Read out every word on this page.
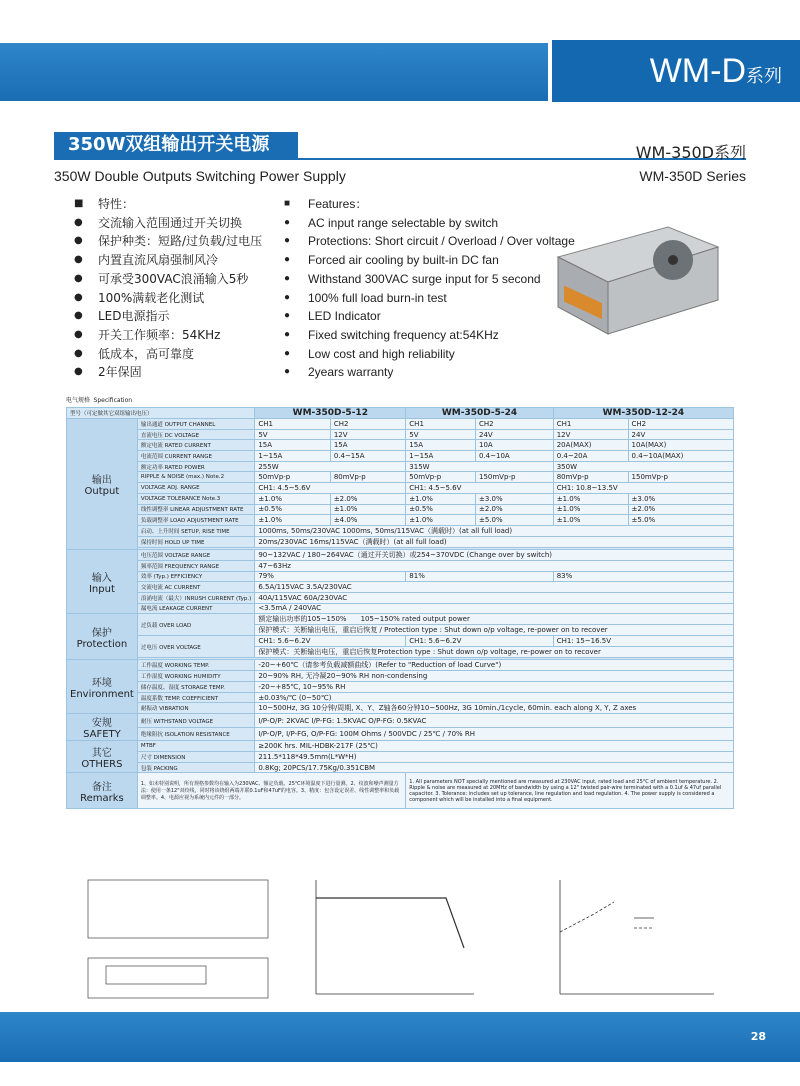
WM-D系列
350W双组输出开关电源	WM-350D系列
350W Double Outputs Switching Power Supply	WM-350D Series
■ 特性：
● 交流输入范围通过开关切换
● 保护种类：短路/过负载/过电压
● 内置直流风扇强制风冷
● 可承受300VAC浪涌输入5秒
● 100%满载老化测试
● LED电源指示
● 开关工作频率：54KHz
● 低成本，高可靠度
● 2年保固
■ Features：
● AC input range selectable by switch
● Protections: Short circuit / Overload / Over voltage
● Forced air cooling by built-in DC fan
● Withstand 300VAC surge input for 5 second
● 100% full load burn-in test
● LED Indicator
● Fixed switching frequency at:54KHz
● Low cost and high reliability
● 2years warranty
电气规格 Specification
型号（可定做其它双组输出电压）		WM-350D-5-12		WM-350D-5-24		WM-350D-12-24	
输出
Output	输出通道 OUTPUT CHANNEL	CH1	CH2	CH1	CH2	CH1	CH2
	直流电压 DC VOLTAGE	5V	12V	5V	24V	12V	24V
	额定电流 RATED CURRENT	15A	15A	15A	10A	20A(MAX)	10A(MAX)
	电流范围 CURRENT RANGE	1~15A	0.4~15A	1~15A	0.4~10A	0.4~20A	0.4~10A(MAX)
	额定功率 RATED POWER	255W		315W		350W	
	RIPPLE & NOISE (max.) Note.2	50mVp-p	80mVp-p	50mVp-p	150mVp-p	80mVp-p	150mVp-p
	VOLTAGE ADJ. RANGE	CH1: 4.5~5.6V		CH1: 4.5~5.6V		CH1: 10.8~13.5V	
	VOLTAGE TOLERANCE Note.3	±1.0%	±2.0%	±1.0%	±3.0%	±1.0%	±3.0%
	线性调整率 LINEAR ADJUSTMENT RATE	±0.5%	±1.0%	±0.5%	±2.0%	±1.0%	±2.0%
	负载调整率 LOAD ADJUSTMENT RATE	±1.0%	±4.0%	±1.0%	±5.0%	±1.0%	±5.0%
	启动、上升时间 SETUP, RISE TIME	1000ms, 50ms/230VAC 1000ms, 50ms/115VAC（满载时）(at all full load)					
	保持时间 HOLD UP TIME	20ms/230VAC 16ms/115VAC（满载时）(at all full load)					

输入
Input	电压范围 VOLTAGE RANGE	90~132VAC / 180~264VAC（通过开关切换）或254~370VDC (Change over by switch)					
	频率范围 FREQUENCY RANGE	47~63Hz					
	效率 (Typ.) EFFICIENCY	79%		81%		83%	
	交流电流 AC CURRENT	6.5A/115VAC 3.5A/230VAC					
	浪涌电流（最大）INRUSH CURRENT (Typ.)	40A/115VAC 60A/230VAC					
	漏电流 LEAKAGE CURRENT	<3.5mA / 240VAC					
保护
Protection	过负载 OVER LOAD	额定输出功率的105~150%　　105~150% rated output power					
		保护模式：关断输出电压，重启后恢复 / Protection type : Shut down o/p voltage, re-power on to recover					
	过电压 OVER VOLTAGE	CH1: 5.6~6.2V		CH1: 5.6~6.2V		CH1: 15~16.5V	
		保护模式：关断输出电压，重启后恢复Protection type : Shut down o/p voltage, re-power on to recover					

环境
Environment	工作温度 WORKING TEMP.	-20~+60℃（请参考负载减额曲线）(Refer to "Reduction of load Curve")					
	工作湿度 WORKING HUMIDITY	20~90% RH, 无冷凝20~90% RH non-condensing					
	储存温度、湿度 STORAGE TEMP.	-20~+85℃, 10~95% RH					
	温度系数 TEMP. COEFFICIENT	±0.03%/℃ (0~50℃)					
	耐振动 VIBRATION	10~500Hz, 3G 10分钟/周期, X、Y、Z轴各60分钟10~500Hz, 3G 10min./1cycle, 60min. each along X, Y, Z axes					
安规
SAFETY	耐压 WITHSTAND VOLTAGE	I/P-O/P: 2KVAC I/P-FG: 1.5KVAC O/P-FG: 0.5KVAC					
	绝缘阻抗 ISOLATION RESISTANCE	I/P-O/P, I/P-FG, O/P-FG: 100M Ohms / 500VDC / 25℃ / 70% RH					
其它
OTHERS	MTBF	≥200K hrs. MIL-HDBK-217F (25℃)					
	尺寸 DIMENSION	211.5*118*49.5mm(L*W*H)					
	包装 PACKING	0.8Kg; 20PCS/17.75Kg/0.351CBM					
备注
Remarks	1、如未特别说明，所有规格参数均在输入为230VAC、额定负载、25℃环境温度下进行量测。2、纹波和噪声测量方法：使用一条12"双绞线，同时将该绕组两端并联0.1uF和47uF的电容。3、精度：包含设定误差、线性调整率和负载调整率。4、电源应视为系统内元件的一部分。			1. All parameters NOT specially mentioned are measured at 230VAC input, rated load and 25°C of ambient temperature. 2. Ripple & noise are measured at 20MHz of bandwidth by using a 12" twisted pair-wire terminated with a 0.1uf & 47uf parallel capacitor. 3. Tolerance: includes set up tolerance, line regulation and load regulation. 4. The power supply is considered a component which will be installed into a final equipment.			
28
